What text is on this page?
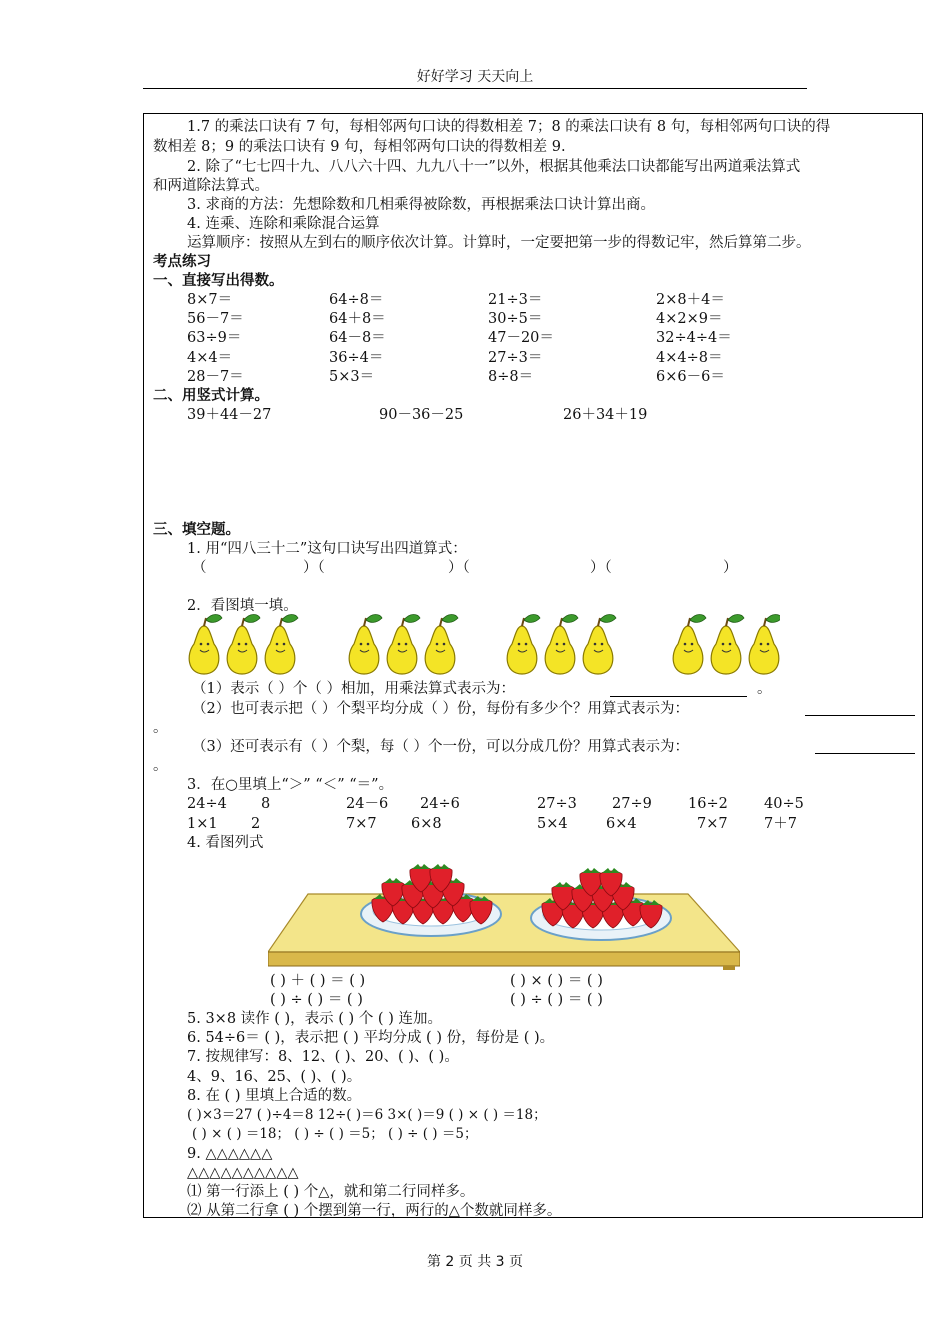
好好学习 天天向上
1.7 的乘法口诀有 7 句，每相邻两句口诀的得数相差 7；8 的乘法口诀有 8 句，每相邻两句口诀的得
数相差 8；9 的乘法口诀有 9 句，每相邻两句口诀的得数相差 9.
2. 除了“七七四十九、八八六十四、九九八十一”以外，根据其他乘法口诀都能写出两道乘法算式
和两道除法算式。
3. 求商的方法：先想除数和几相乘得被除数，再根据乘法口诀计算出商。
4. 连乘、连除和乘除混合运算
运算顺序：按照从左到右的顺序依次计算。计算时，一定要把第一步的得数记牢，然后算第二步。
考点练习
一、直接写出得数。
8×7＝	64÷8＝	21÷3＝	2×8＋4＝
56－7＝	64＋8＝	30÷5＝	4×2×9＝
63÷9＝	64－8＝	47－20＝	32÷4÷4＝
4×4＝	36÷4＝	27÷3＝	4×4÷8＝
28－7＝	5×3＝	8÷8＝	6×6－6＝
二、用竖式计算。
39＋44－27	90－36－25	26＋34＋19
三、填空题。
1. 用“四八三十二”这句口诀写出四道算式：
（	）（	）（	）（	）
2．看图填一填。
（1）表示（ ）个（ ）相加，用乘法算式表示为：	。
（2）也可表示把（ ）个梨平均分成（ ）份，每份有多少个？用算式表示为：
。
（3）还可表示有（ ）个梨，每（ ）个一份，可以分成几份？用算式表示为：
。
3．在○里填上“＞” “＜” “＝”。
24÷4 8	24－6 24÷6	27÷3 27÷9 16÷2 40÷5
1×1 2	7×7 6×8	5×4	6×4	7×7	7＋7
4. 看图列式
( ) ＋ ( ) ＝ ( )	( ) × ( ) ＝ ( )
( ) ÷ ( ) ＝ ( )	( ) ÷ ( ) ＝ ( )
5. 3×8 读作 ( )，表示 ( ) 个 ( ) 连加。
6. 54÷6＝ ( )，表示把 ( ) 平均分成 ( ) 份，每份是 ( )。
7. 按规律写：8、12、( )、20、( )、( )。
4、9、16、25、( )、( )。
8. 在 ( ) 里填上合适的数。
( )×3＝27 ( )÷4＝8 12÷( )＝6 3×( )＝9 ( ) × ( ) ＝18；
( ) × ( ) ＝18； ( ) ÷ ( ) ＝5； ( ) ÷ ( ) ＝5；
9. △△△△△△
△△△△△△△△△△
⑴ 第一行添上 ( ) 个△，就和第二行同样多。
⑵ 从第二行拿 ( ) 个摆到第一行，两行的△个数就同样多。
第 2 页 共 3 页
